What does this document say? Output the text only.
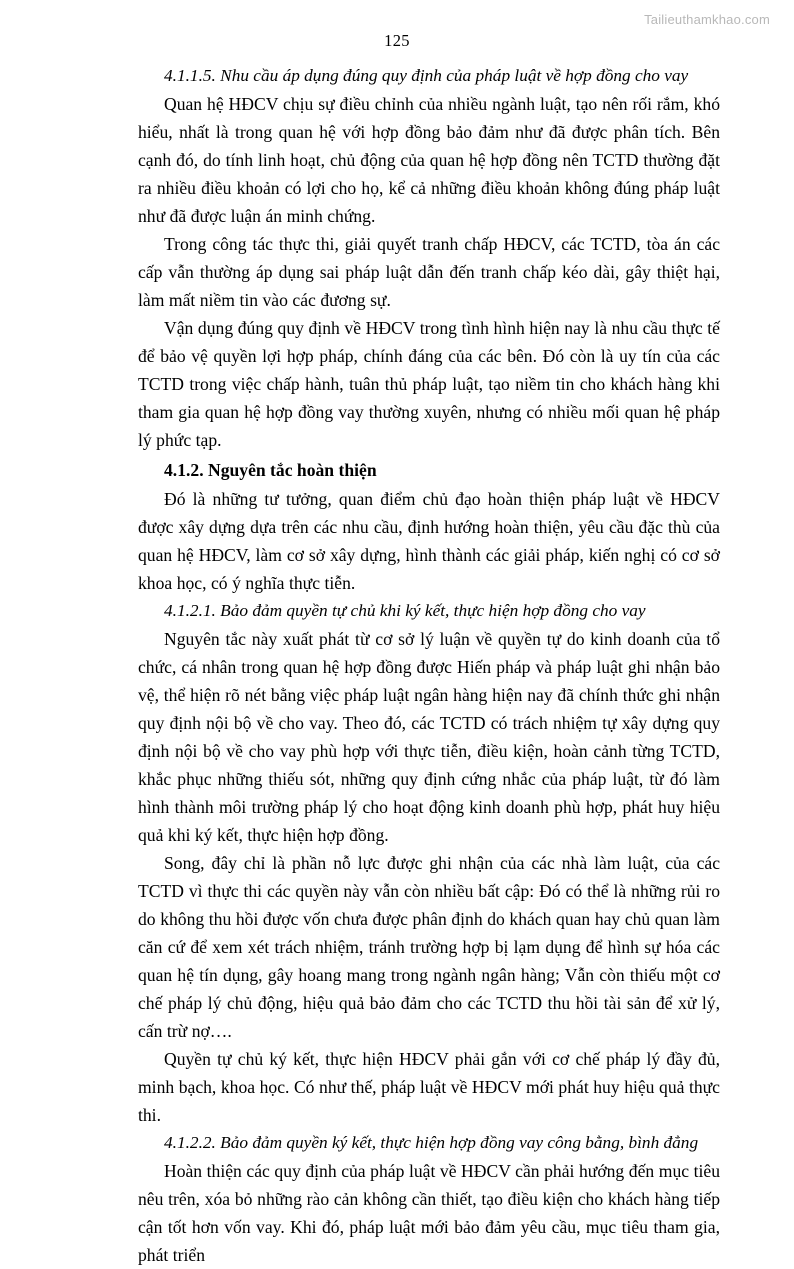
Tailieuthamkhao.com
125

4.1.1.5. Nhu cầu áp dụng đúng quy định của pháp luật về hợp đồng cho vay

Quan hệ HĐCV chịu sự điều chỉnh của nhiều ngành luật, tạo nên rối rắm, khó hiểu, nhất là trong quan hệ với hợp đồng bảo đảm như đã được phân tích. Bên cạnh đó, do tính linh hoạt, chủ động của quan hệ hợp đồng nên TCTD thường đặt ra nhiều điều khoản có lợi cho họ, kể cả những điều khoản không đúng pháp luật như đã được luận án minh chứng.

Trong công tác thực thi, giải quyết tranh chấp HĐCV, các TCTD, tòa án các cấp vẫn thường áp dụng sai pháp luật dẫn đến tranh chấp kéo dài, gây thiệt hại, làm mất niềm tin vào các đương sự.

Vận dụng đúng quy định về HĐCV trong tình hình hiện nay là nhu cầu thực tế để bảo vệ quyền lợi hợp pháp, chính đáng của các bên. Đó còn là uy tín của các TCTD trong việc chấp hành, tuân thủ pháp luật, tạo niềm tin cho khách hàng khi tham gia quan hệ hợp đồng vay thường xuyên, nhưng có nhiều mối quan hệ pháp lý phức tạp.

4.1.2. Nguyên tắc hoàn thiện

Đó là những tư tưởng, quan điểm chủ đạo hoàn thiện pháp luật về HĐCV được xây dựng dựa trên các nhu cầu, định hướng hoàn thiện, yêu cầu đặc thù của quan hệ HĐCV, làm cơ sở xây dựng, hình thành các giải pháp, kiến nghị có cơ sở khoa học, có ý nghĩa thực tiễn.

4.1.2.1. Bảo đảm quyền tự chủ khi ký kết, thực hiện hợp đồng cho vay

Nguyên tắc này xuất phát từ cơ sở lý luận về quyền tự do kinh doanh của tổ chức, cá nhân trong quan hệ hợp đồng được Hiến pháp và pháp luật ghi nhận bảo vệ, thể hiện rõ nét bằng việc pháp luật ngân hàng hiện nay đã chính thức ghi nhận quy định nội bộ về cho vay. Theo đó, các TCTD có trách nhiệm tự xây dựng quy định nội bộ về cho vay phù hợp với thực tiễn, điều kiện, hoàn cảnh từng TCTD, khắc phục những thiếu sót, những quy định cứng nhắc của pháp luật, từ đó làm hình thành môi trường pháp lý cho hoạt động kinh doanh phù hợp, phát huy hiệu quả khi ký kết, thực hiện hợp đồng.

Song, đây chỉ là phần nỗ lực được ghi nhận của các nhà làm luật, của các TCTD vì thực thi các quyền này vẫn còn nhiều bất cập: Đó có thể là những rủi ro do không thu hồi được vốn chưa được phân định do khách quan hay chủ quan làm căn cứ để xem xét trách nhiệm, tránh trường hợp bị lạm dụng để hình sự hóa các quan hệ tín dụng, gây hoang mang trong ngành ngân hàng; Vẫn còn thiếu một cơ chế pháp lý chủ động, hiệu quả bảo đảm cho các TCTD thu hồi tài sản để xử lý, cấn trừ nợ….

Quyền tự chủ ký kết, thực hiện HĐCV phải gắn với cơ chế pháp lý đầy đủ, minh bạch, khoa học. Có như thế, pháp luật về HĐCV mới phát huy hiệu quả thực thi.

4.1.2.2. Bảo đảm quyền ký kết, thực hiện hợp đồng vay công bằng, bình đẳng

Hoàn thiện các quy định của pháp luật về HĐCV cần phải hướng đến mục tiêu nêu trên, xóa bỏ những rào cản không cần thiết, tạo điều kiện cho khách hàng tiếp cận tốt hơn vốn vay. Khi đó, pháp luật mới bảo đảm yêu cầu, mục tiêu tham gia, phát triển
